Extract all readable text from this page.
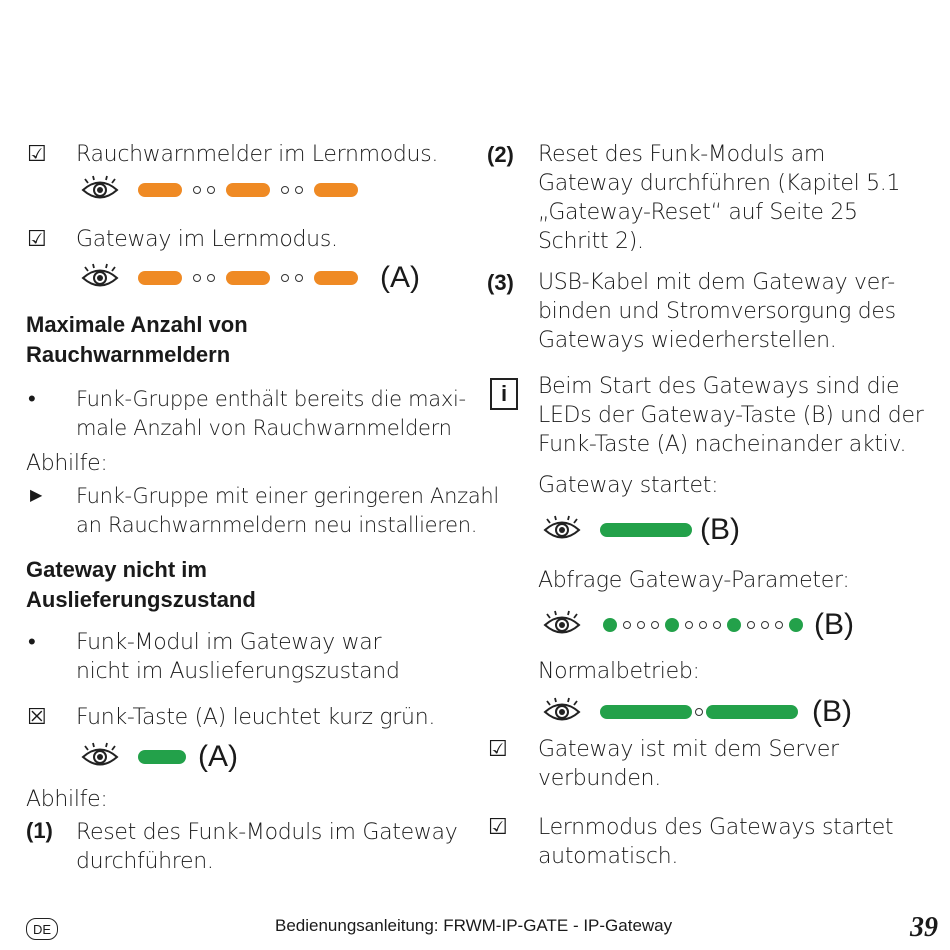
☑ Rauchwarnmelder im Lernmodus.
☑ Gateway im Lernmodus.
(A)
Maximale Anzahl von
Rauchwarnmeldern
• Funk-Gruppe enthält bereits die maxi-
male Anzahl von Rauchwarnmeldern
Abhilfe:
▶ Funk-Gruppe mit einer geringeren Anzahl
an Rauchwarnmeldern neu installieren.
Gateway nicht im
Auslieferungszustand
• Funk-Modul im Gateway war
nicht im Auslieferungszustand
☒ Funk-Taste (A) leuchtet kurz grün.
(A)
Abhilfe:
(1) Reset des Funk-Moduls im Gateway
durchführen.
(2) Reset des Funk-Moduls am
Gateway durchführen (Kapitel 5.1
„Gateway-Reset“ auf Seite 25
Schritt 2).
(3) USB-Kabel mit dem Gateway ver-
binden und Stromversorgung des
Gateways wiederherstellen.
i	Beim Start des Gateways sind die
LEDs der Gateway-Taste (B) und der
Funk-Taste (A) nacheinander aktiv.
Gateway startet:
(B)
Abfrage Gateway-Parameter:
(B)
Normalbetrieb:
(B)
☑ Gateway ist mit dem Server
verbunden.
☑ Lernmodus des Gateways startet
automatisch.
DE	Bedienungsanleitung: FRWM-IP-GATE - IP-Gateway	39
